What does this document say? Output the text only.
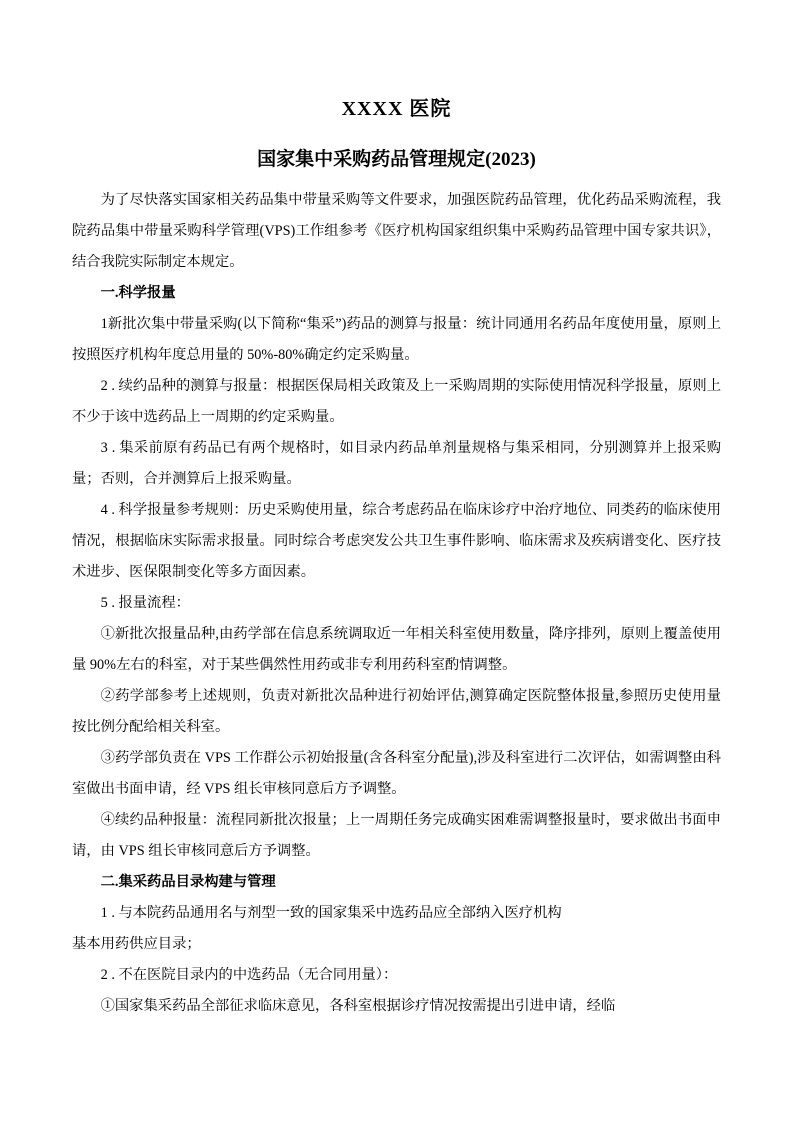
XXXX 医院
国家集中采购药品管理规定(2023)

为了尽快落实国家相关药品集中带量采购等文件要求，加强医院药品管理，优化药品采购流程，我院药品集中带量采购科学管理(VPS)工作组参考《医疗机构国家组织集中采购药品管理中国专家共识》，结合我院实际制定本规定。

一.科学报量

1新批次集中带量采购(以下简称“集采”)药品的测算与报量：统计同通用名药品年度使用量，原则上按照医疗机构年度总用量的 50%-80%确定约定采购量。

2 . 续约品种的测算与报量：根据医保局相关政策及上一采购周期的实际使用情况科学报量，原则上不少于该中选药品上一周期的约定采购量。

3 . 集采前原有药品已有两个规格时，如目录内药品单剂量规格与集采相同，分别测算并上报采购量；否则，合并测算后上报采购量。

4 . 科学报量参考规则：历史采购使用量，综合考虑药品在临床诊疗中治疗地位、同类药的临床使用情况，根据临床实际需求报量。同时综合考虑突发公共卫生事件影响、临床需求及疾病谱变化、医疗技术进步、医保限制变化等多方面因素。

5 . 报量流程：

①新批次报量品种,由药学部在信息系统调取近一年相关科室使用数量，降序排列，原则上覆盖使用量 90%左右的科室，对于某些偶然性用药或非专利用药科室酌情调整。

②药学部参考上述规则，负责对新批次品种进行初始评估,测算确定医院整体报量,参照历史使用量按比例分配给相关科室。

③药学部负责在 VPS 工作群公示初始报量(含各科室分配量),涉及科室进行二次评估，如需调整由科室做出书面申请，经 VPS 组长审核同意后方予调整。

④续约品种报量：流程同新批次报量；上一周期任务完成确实困难需调整报量时，要求做出书面申请，由 VPS 组长审核同意后方予调整。

二.集采药品目录构建与管理

1 . 与本院药品通用名与剂型一致的国家集采中选药品应全部纳入医疗机构

基本用药供应目录；

2 . 不在医院目录内的中选药品（无合同用量）：

①国家集采药品全部征求临床意见，各科室根据诊疗情况按需提出引进申请，经临
